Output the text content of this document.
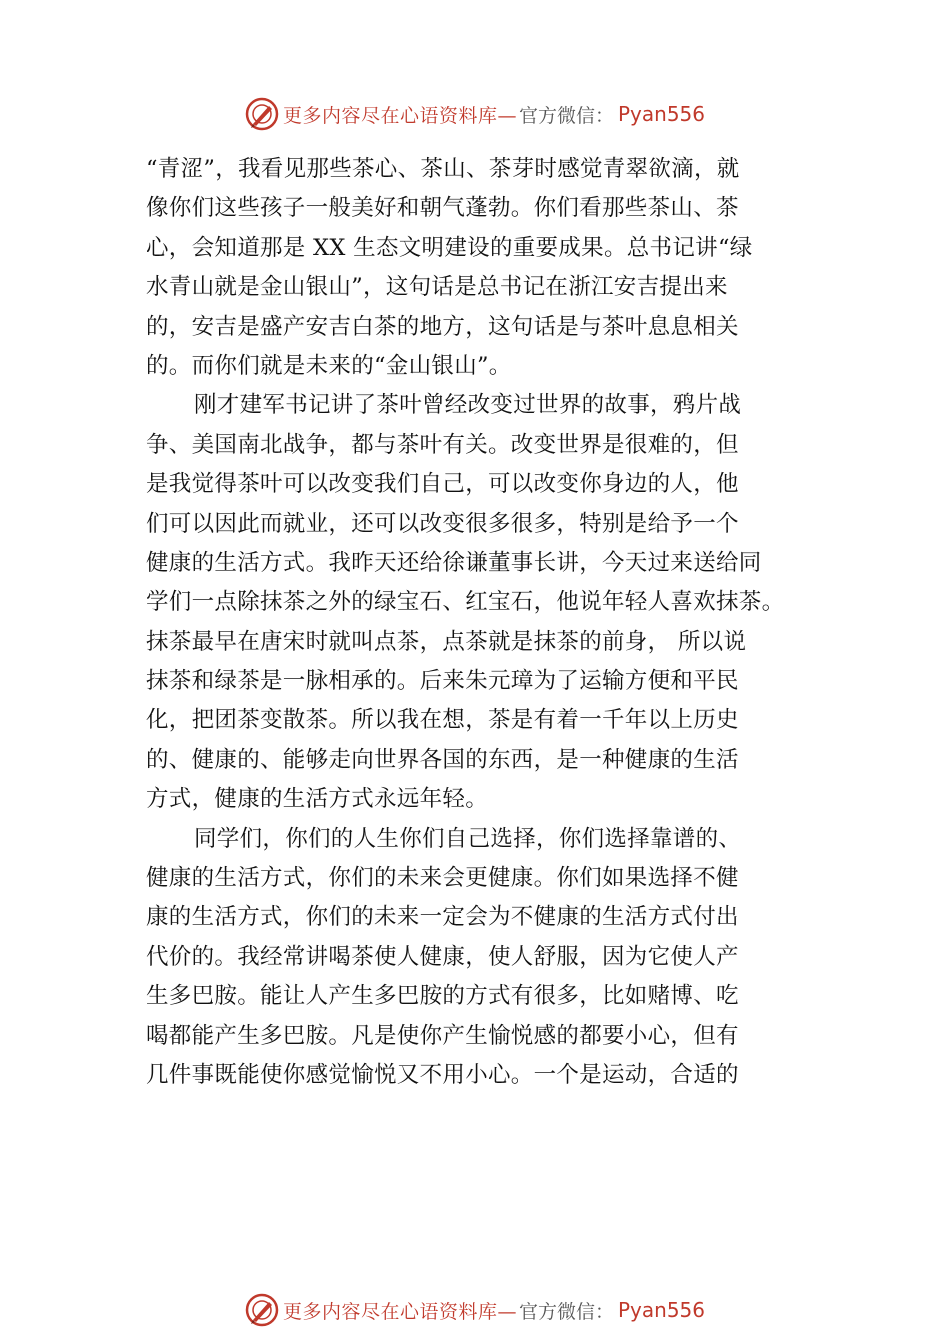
更多内容尽在心语资料库— 官方微信： Pyan556
“青涩”，我看见那些茶⼼、茶山、茶芽时感觉青翠欲滴，就
像你们这些孩子一般美好和朝气蓬勃。你们看那些茶山、茶
⼼，会知道那是 XX 生态文明建设的重要成果。总书记讲“绿
水青山就是金山银山”，这句话是总书记在浙江安吉提出来
的，安吉是盛产安吉白茶的地方，这句话是与茶叶息息相关
的。而你们就是未来的“金山银山”。
刚才建军书记讲了茶叶曾经改变过世界的故事，鸦片战
争、美国南北战争，都与茶叶有关。改变世界是很难的，但
是我觉得茶叶可以改变我们自己，可以改变你身边的人，他
们可以因此而就业，还可以改变很多很多，特别是给予一个
健康的生活方式。我昨天还给徐谦董事长讲，今天过来送给同
学们一点除抹茶之外的绿宝石、红宝石，他说年轻人喜欢抹茶。
抹茶最早在唐宋时就叫点茶，点茶就是抹茶的前身， 所以说
抹茶和绿茶是一脉相承的。后来朱元璋为了运输方便和平民
化，把团茶变散茶。所以我在想，茶是有着一千年以上历史
的、健康的、能够走向世界各国的东西，是一种健康的生活
方式，健康的生活方式永远年轻。
同学们，你们的人生你们自己选择，你们选择靠谱的、
健康的生活方式，你们的未来会更健康。你们如果选择不健
康的生活方式，你们的未来一定会为不健康的生活方式付出
代价的。我经常讲喝茶使人健康，使人舒服，因为它使人产
生多巴胺。能让人产生多巴胺的方式有很多，比如赌博、吃
喝都能产生多巴胺。凡是使你产生愉悦感的都要小心，但有
几件事既能使你感觉愉悦又不用小心。一个是运动，合适的
更多内容尽在心语资料库— 官方微信： Pyan556
